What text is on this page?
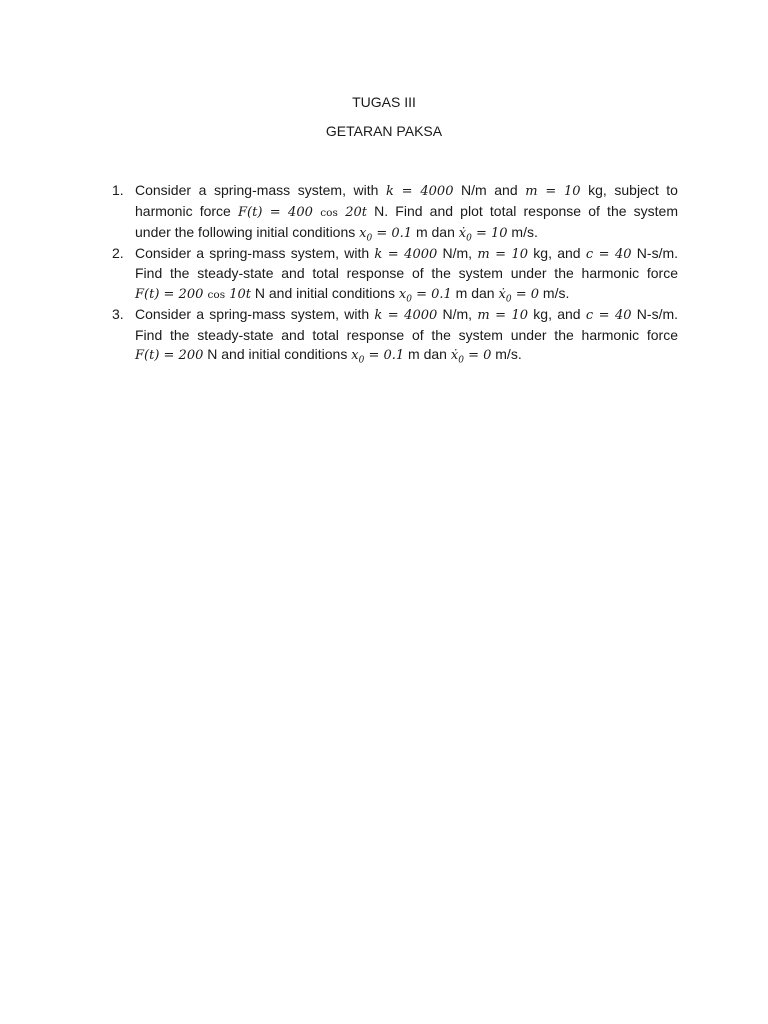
TUGAS III
GETARAN PAKSA
1. Consider a spring-mass system, with k = 4000 N/m and m = 10 kg, subject to
harmonic force F(t) = 400 cos 20t N. Find and plot total response of the system
under the following initial conditions $x_0 = 0.1$ m dan ẋ$_0$ = 10 m/s.
2. Consider a spring-mass system, with k = 4000 N/m, m = 10 kg, and c = 40 N-s/m.
Find the steady-state and total response of the system under the harmonic force
F(t) = 200 cos 10t N and initial conditions $x_0 = 0.1$ m dan ẋ$_0$ = 0 m/s.
3. Consider a spring-mass system, with k = 4000 N/m, m = 10 kg, and c = 40 N-s/m.
Find the steady-state and total response of the system under the harmonic force
F(t) = 200 N and initial conditions $x_0 = 0.1$ m dan ẋ$_0$ = 0 m/s.
